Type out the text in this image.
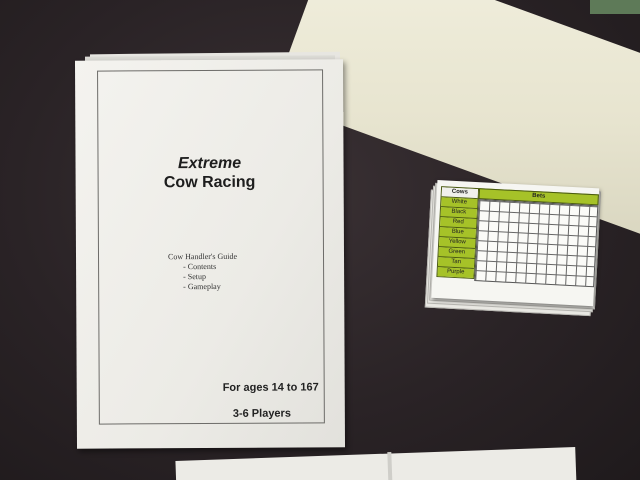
Extreme
Cow Racing
Cow Handler's Guide
- Contents
- Setup
- Gameplay
For ages 14 to 167
3-6 Players
Cows
White
Black
Red
Blue
Yellow
Green
Tan
Purple
Bets
